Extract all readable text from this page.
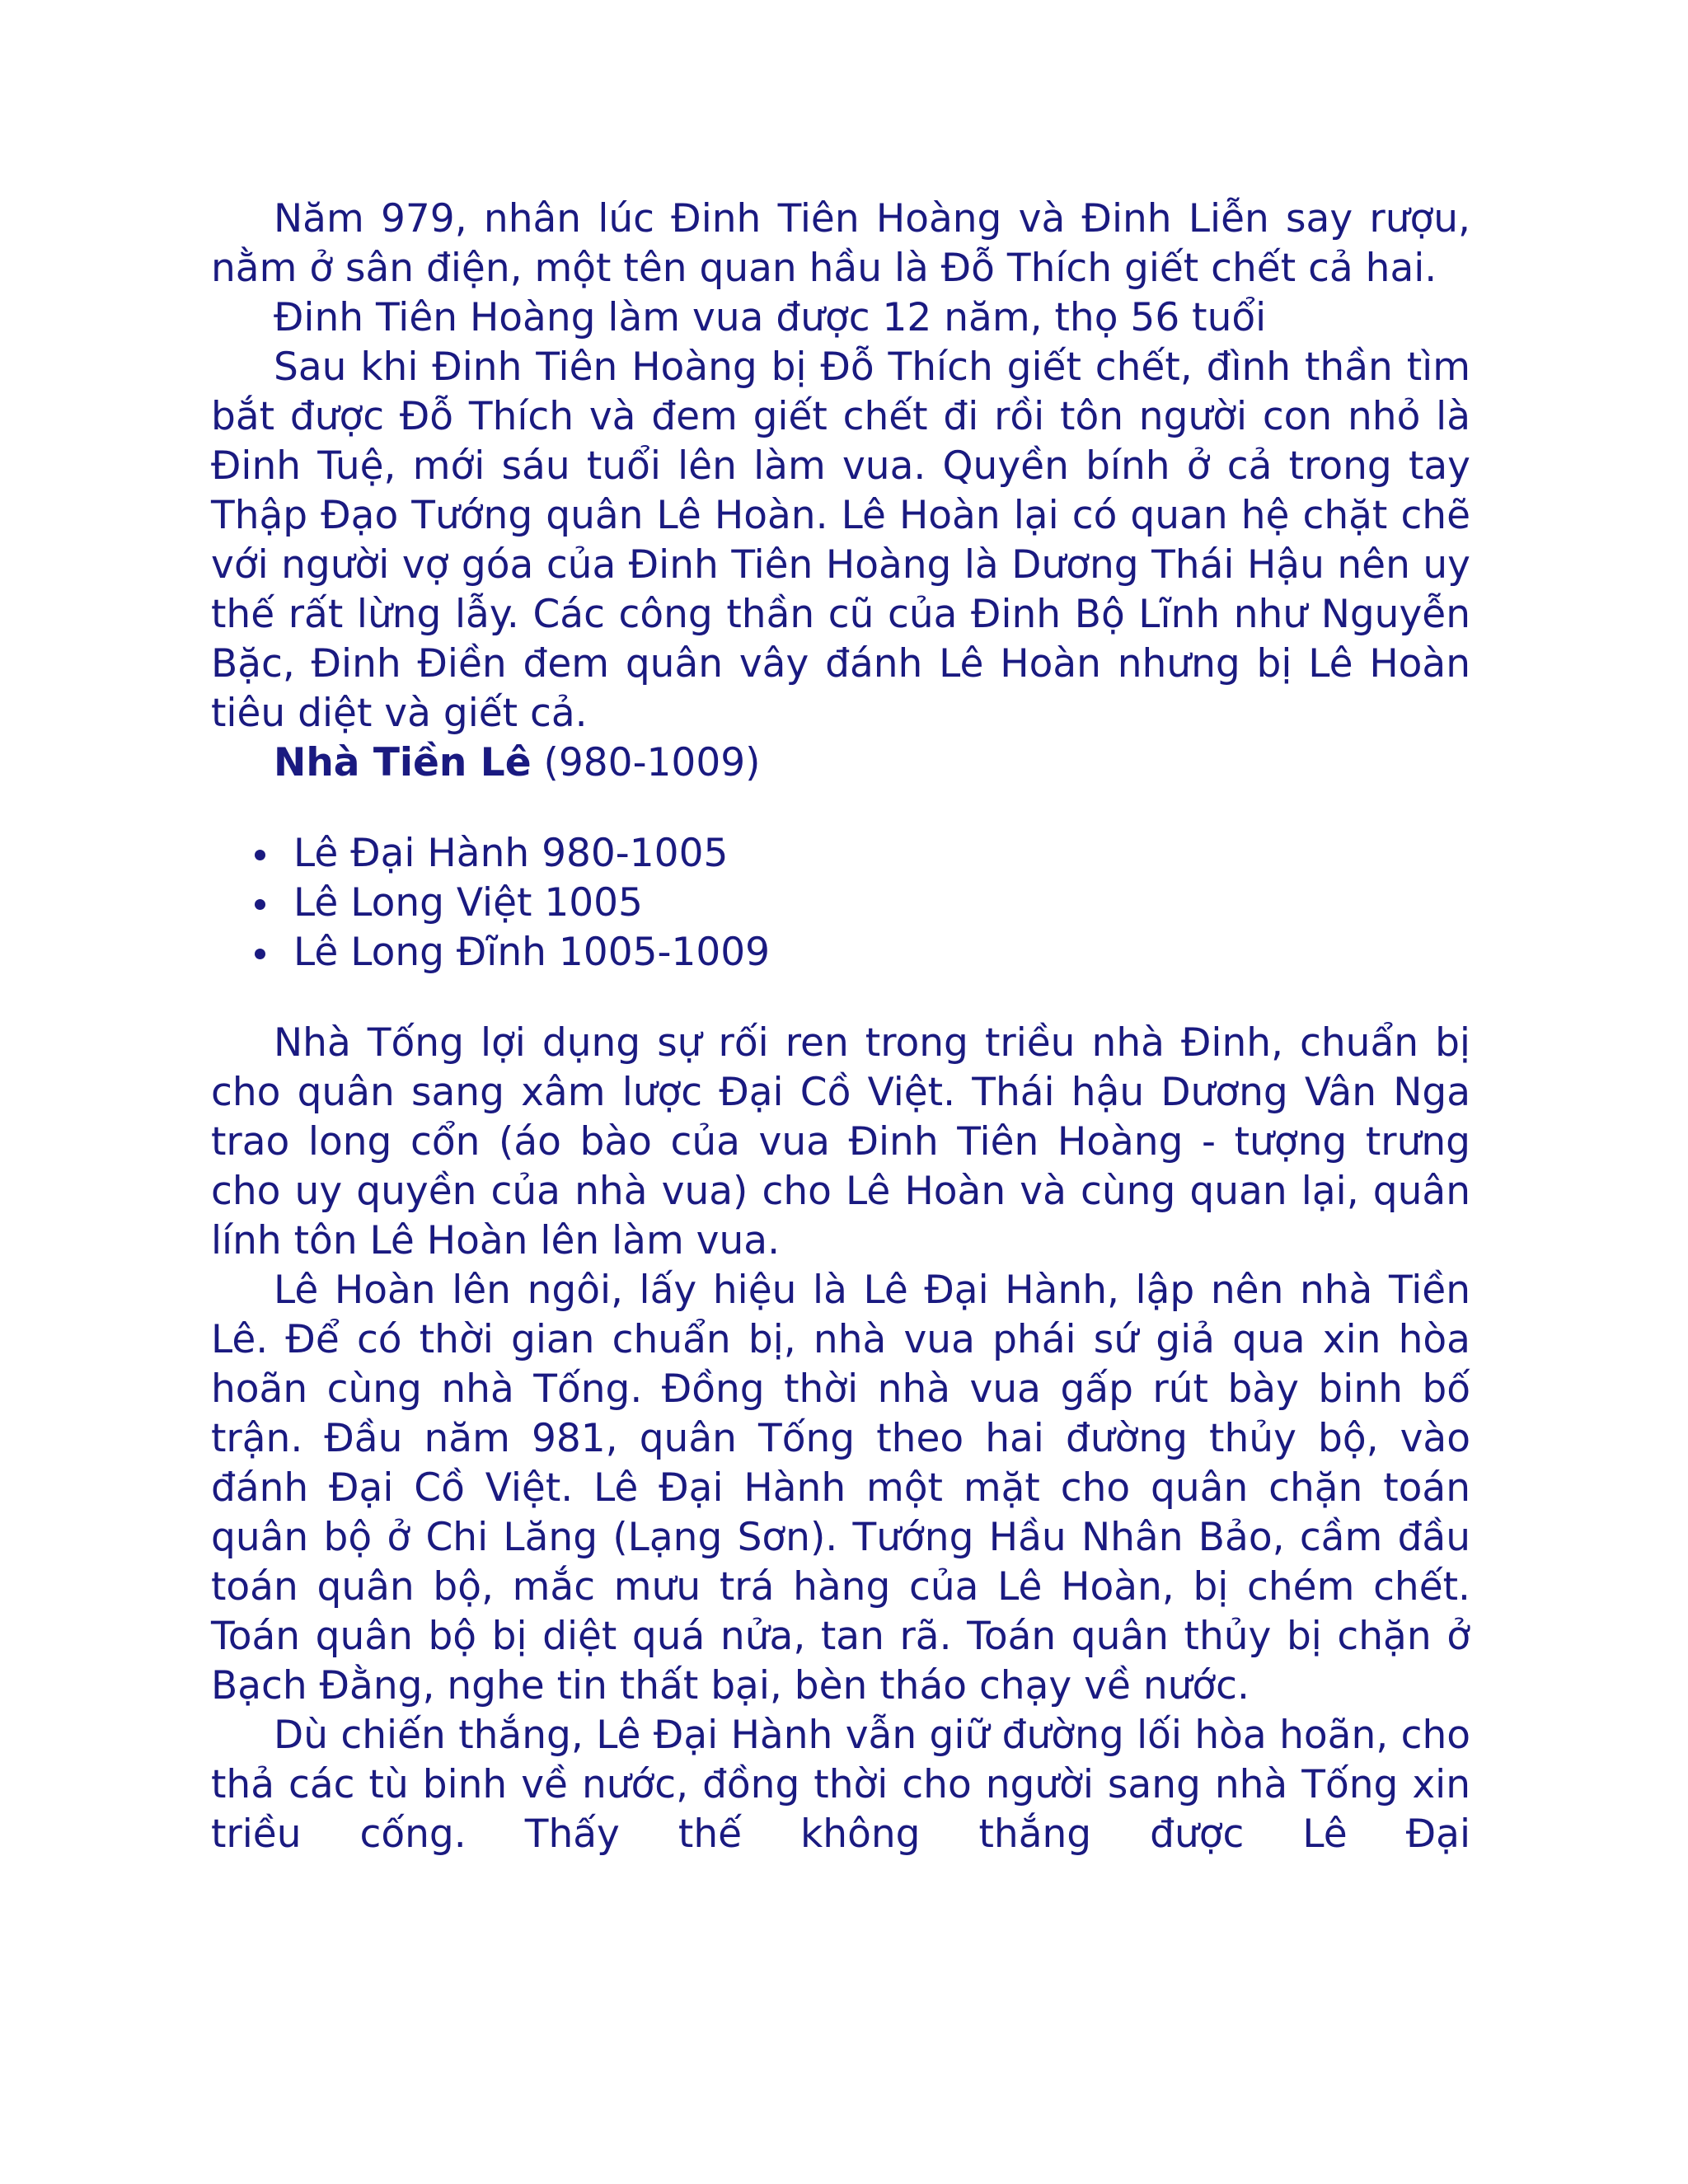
Năm 979, nhân lúc Đinh Tiên Hoàng và Đinh Liễn say rượu, nằm ở sân điện, một tên quan hầu là Đỗ Thích giết chết cả hai.

Đinh Tiên Hoàng làm vua được 12 năm, thọ 56 tuổi

Sau khi Đinh Tiên Hoàng bị Đỗ Thích giết chết, đình thần tìm bắt được Đỗ Thích và đem giết chết đi rồi tôn người con nhỏ là Đinh Tuệ, mới sáu tuổi lên làm vua. Quyền bính ở cả trong tay Thập Đạo Tướng quân Lê Hoàn. Lê Hoàn lại có quan hệ chặt chẽ với người vợ góa của Đinh Tiên Hoàng là Dương Thái Hậu nên uy thế rất lừng lẫy. Các công thần cũ của Đinh Bộ Lĩnh như Nguyễn Bặc, Đinh Điền đem quân vây đánh Lê Hoàn nhưng bị Lê Hoàn tiêu diệt và giết cả.

Nhà Tiền Lê (980-1009)
Lê Đại Hành 980-1005
Lê Long Việt 1005
Lê Long Đĩnh 1005-1009

Nhà Tống lợi dụng sự rối ren trong triều nhà Đinh, chuẩn bị cho quân sang xâm lược Đại Cồ Việt. Thái hậu Dương Vân Nga trao long cổn (áo bào của vua Đinh Tiên Hoàng - tượng trưng cho uy quyền của nhà vua) cho Lê Hoàn và cùng quan lại, quân lính tôn Lê Hoàn lên làm vua.

Lê Hoàn lên ngôi, lấy hiệu là Lê Đại Hành, lập nên nhà Tiền Lê. Để có thời gian chuẩn bị, nhà vua phái sứ giả qua xin hòa hoãn cùng nhà Tống. Đồng thời nhà vua gấp rút bày binh bố trận. Đầu năm 981, quân Tống theo hai đường thủy bộ, vào đánh Đại Cồ Việt. Lê Đại Hành một mặt cho quân chặn toán quân bộ ở Chi Lăng (Lạng Sơn). Tướng Hầu Nhân Bảo, cầm đầu toán quân bộ, mắc mưu trá hàng của Lê Hoàn, bị chém chết. Toán quân bộ bị diệt quá nửa, tan rã. Toán quân thủy bị chặn ở Bạch Đằng, nghe tin thất bại, bèn tháo chạy về nước.

Dù chiến thắng, Lê Đại Hành vẫn giữ đường lối hòa hoãn, cho thả các tù binh về nước, đồng thời cho người sang nhà Tống xin triều cống. Thấy thế không thắng được Lê Đại
